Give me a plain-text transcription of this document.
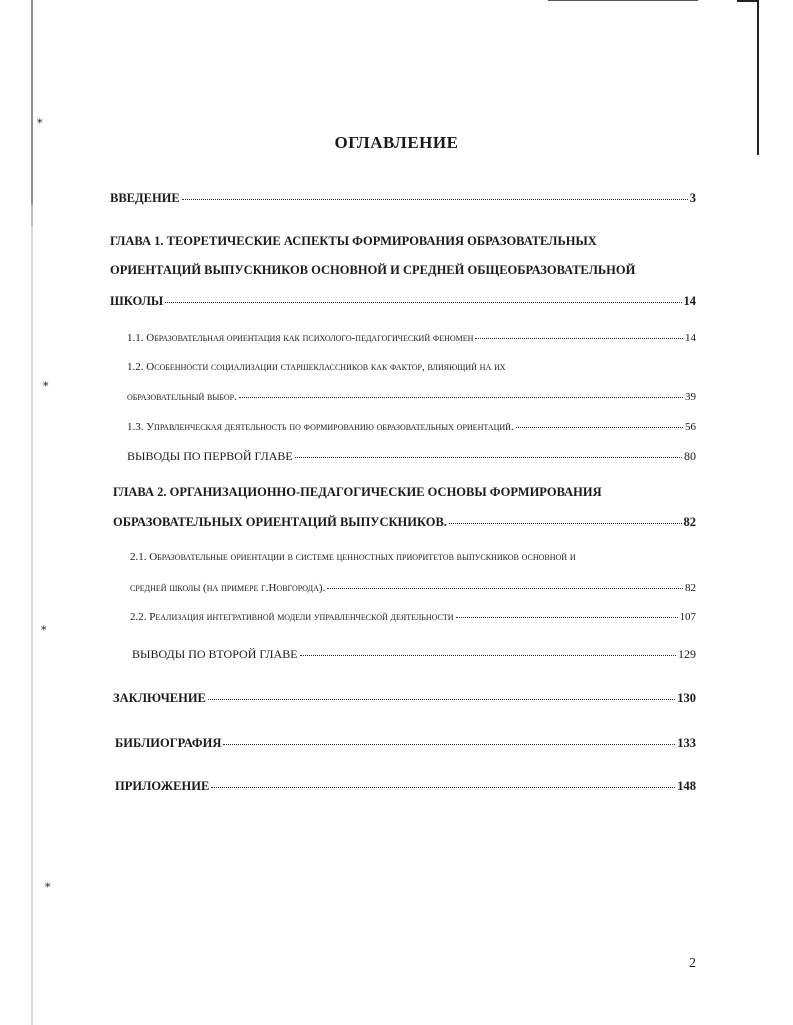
⁎
⁎
⁎
⁎
ОГЛАВЛЕНИЕ
ВВЕДЕНИЕ	3
ГЛАВА 1. ТЕОРЕТИЧЕСКИЕ АСПЕКТЫ ФОРМИРОВАНИЯ ОБРАЗОВАТЕЛЬНЫХ
ОРИЕНТАЦИЙ ВЫПУСКНИКОВ ОСНОВНОЙ И СРЕДНЕЙ ОБЩЕОБРАЗОВАТЕЛЬНОЙ
ШКОЛЫ	14
1.1. Образовательная ориентация как психолого-педагогический феномен	14
1.2. Особенности социализации старшеклассников как фактор, влияющий на их
образовательный выбор.	39
1.3. Управленческая деятельность по формированию образовательных ориентаций.	56
ВЫВОДЫ ПО ПЕРВОЙ ГЛАВЕ	80
ГЛАВА 2. ОРГАНИЗАЦИОННО-ПЕДАГОГИЧЕСКИЕ ОСНОВЫ ФОРМИРОВАНИЯ
ОБРАЗОВАТЕЛЬНЫХ ОРИЕНТАЦИЙ ВЫПУСКНИКОВ.	82
2.1. Образовательные ориентации в системе ценностных приоритетов выпускников основной и
средней школы (на примере г.Новгорода).	82
2.2. Реализация интегративной модели управленческой деятельности	107
ВЫВОДЫ ПО ВТОРОЙ ГЛАВЕ	129
ЗАКЛЮЧЕНИЕ	130
БИБЛИОГРАФИЯ	133
ПРИЛОЖЕНИЕ	148
2
